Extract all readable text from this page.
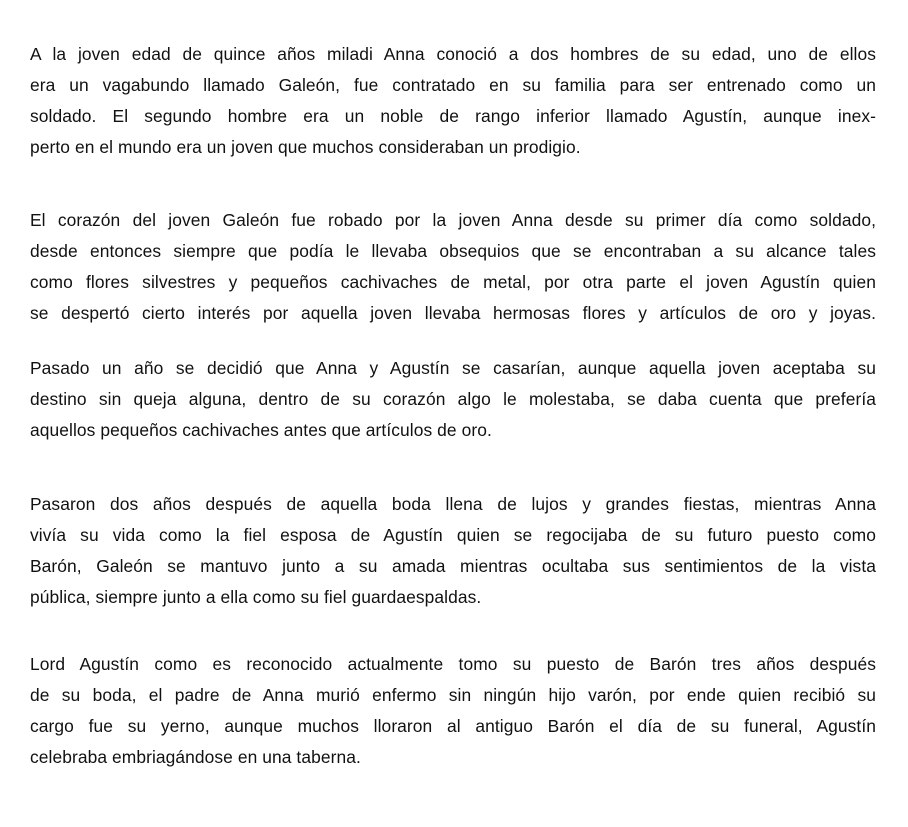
A la joven edad de quince años miladi Anna conoció a dos hombres de su edad, uno de ellos
era un vagabundo llamado Galeón, fue contratado en su familia para ser entrenado como un
soldado. El segundo hombre era un noble de rango inferior llamado Agustín, aunque inex-
perto en el mundo era un joven que muchos consideraban un prodigio.
El corazón del joven Galeón fue robado por la joven Anna desde su primer día como soldado,
desde entonces siempre que podía le llevaba obsequios que se encontraban a su alcance tales
como flores silvestres y pequeños cachivaches de metal, por otra parte el joven Agustín quien
se despertó cierto interés por aquella joven llevaba hermosas flores y artículos de oro y joyas.
Pasado un año se decidió que Anna y Agustín se casarían, aunque aquella joven aceptaba su
destino sin queja alguna, dentro de su corazón algo le molestaba, se daba cuenta que prefería
aquellos pequeños cachivaches antes que artículos de oro.
Pasaron dos años después de aquella boda llena de lujos y grandes fiestas, mientras Anna
vivía su vida como la fiel esposa de Agustín quien se regocijaba de su futuro puesto como
Barón, Galeón se mantuvo junto a su amada mientras ocultaba sus sentimientos de la vista
pública, siempre junto a ella como su fiel guardaespaldas.
Lord Agustín como es reconocido actualmente tomo su puesto de Barón tres años después
de su boda, el padre de Anna murió enfermo sin ningún hijo varón, por ende quien recibió su
cargo fue su yerno, aunque muchos lloraron al antiguo Barón el día de su funeral, Agustín
celebraba embriagándose en una taberna.
